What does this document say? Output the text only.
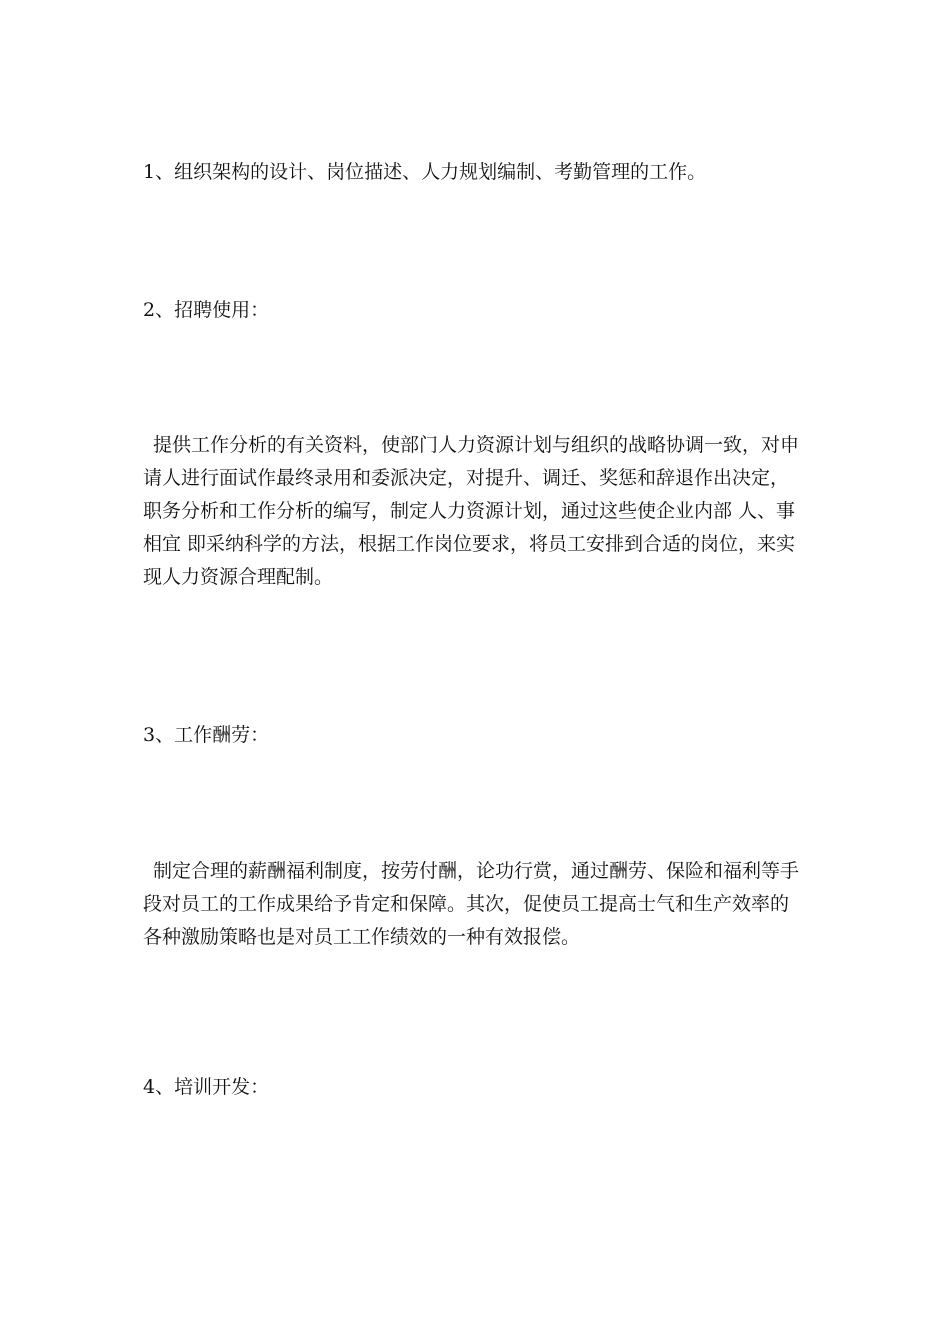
1、组织架构的设计、岗位描述、人力规划编制、考勤管理的工作。
2、招聘使用：
提供工作分析的有关资料，使部门人力资源计划与组织的战略协调一致，对申
请人进行面试作最终录用和委派决定，对提升、调迁、奖惩和辞退作出决定，
职务分析和工作分析的编写，制定人力资源计划，通过这些使企业内部 人、事
相宜 即采纳科学的方法，根据工作岗位要求，将员工安排到合适的岗位，来实
现人力资源合理配制。
3、工作酬劳：
制定合理的薪酬福利制度，按劳付酬，论功行赏，通过酬劳、保险和福利等手
段对员工的工作成果给予肯定和保障。其次，促使员工提高士气和生产效率的
各种激励策略也是对员工工作绩效的一种有效报偿。
4、培训开发：
